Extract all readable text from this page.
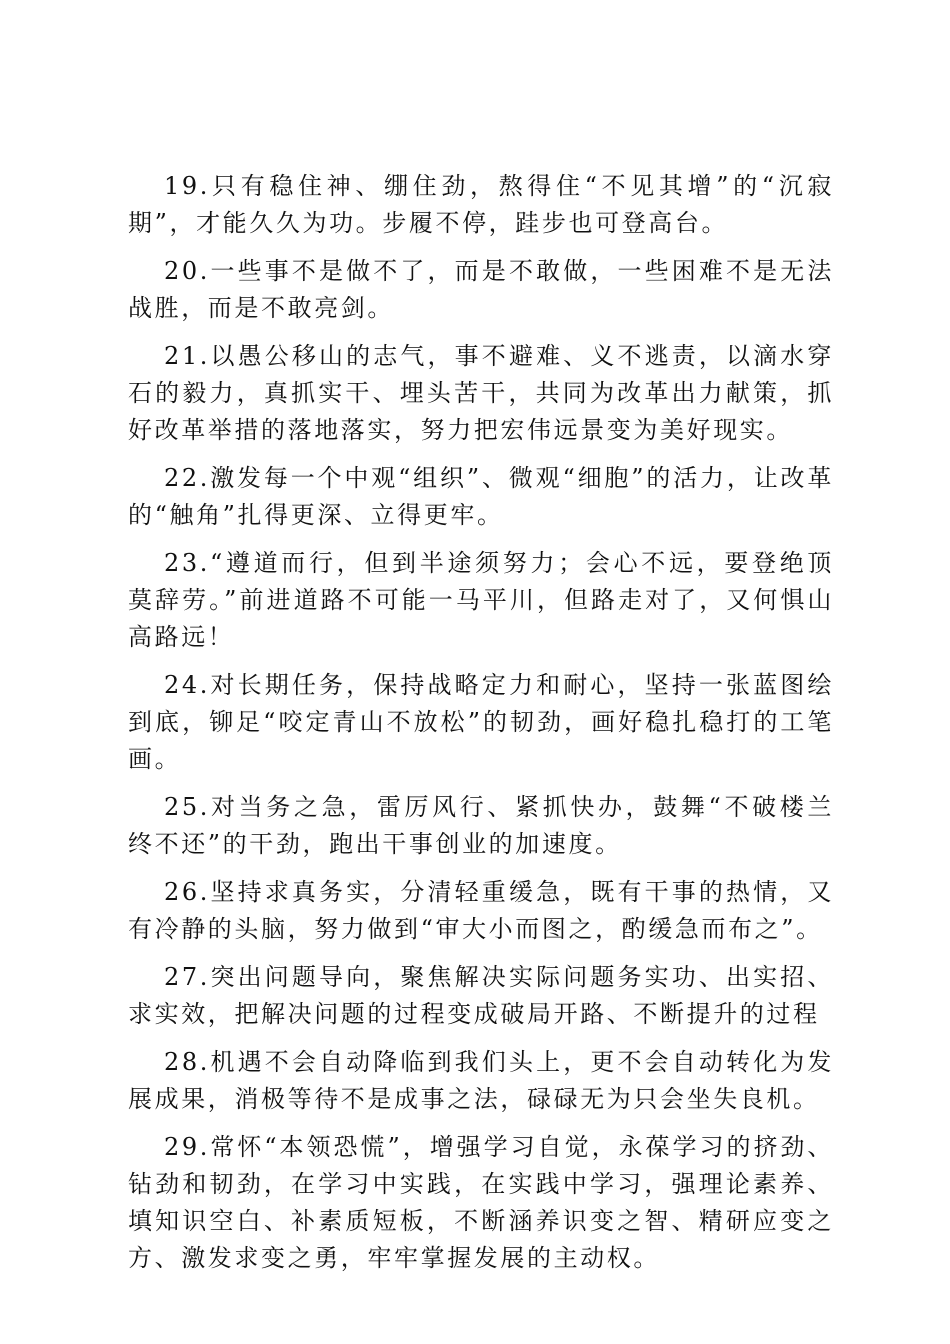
19.只有稳住神、绷住劲，熬得住“不见其增”的“沉寂期”，才能久久为功。步履不停，跬步也可登高台。

20.一些事不是做不了，而是不敢做，一些困难不是无法战胜，而是不敢亮剑。

21.以愚公移山的志气，事不避难、义不逃责，以滴水穿石的毅力，真抓实干、埋头苦干，共同为改革出力献策，抓好改革举措的落地落实，努力把宏伟远景变为美好现实。

22.激发每一个中观“组织”、微观“细胞”的活力，让改革的“触角”扎得更深、立得更牢。

23.“遵道而行，但到半途须努力；会心不远，要登绝顶莫辞劳。”前进道路不可能一马平川，但路走对了，又何惧山高路远！

24.对长期任务，保持战略定力和耐心，坚持一张蓝图绘到底，铆足“咬定青山不放松”的韧劲，画好稳扎稳打的工笔画。

25.对当务之急，雷厉风行、紧抓快办，鼓舞“不破楼兰终不还”的干劲，跑出干事创业的加速度。

26.坚持求真务实，分清轻重缓急，既有干事的热情，又有冷静的头脑，努力做到“审大小而图之，酌缓急而布之”。

27.突出问题导向，聚焦解决实际问题务实功、出实招、求实效，把解决问题的过程变成破局开路、不断提升的过程

28.机遇不会自动降临到我们头上，更不会自动转化为发展成果，消极等待不是成事之法，碌碌无为只会坐失良机。

29.常怀“本领恐慌”，增强学习自觉，永葆学习的挤劲、钻劲和韧劲，在学习中实践，在实践中学习，强理论素养、填知识空白、补素质短板，不断涵养识变之智、精研应变之方、激发求变之勇，牢牢掌握发展的主动权。
